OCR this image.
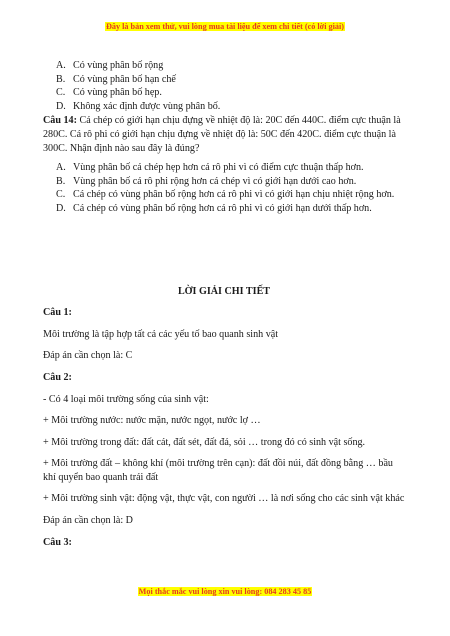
Đây là bản xem thử, vui lòng mua tài liệu để xem chi tiết (có lời giải)
A. Có vùng phân bố rộng
B. Có vùng phân bố hạn chế
C. Có vùng phân bố hẹp.
D. Không xác định được vùng phân bố.

Câu 14: Cá chép có giới hạn chịu đựng về nhiệt độ là: 20C đến 440C. điểm cực thuận là 280C. Cá rô phi có giới hạn chịu đựng về nhiệt độ là: 50C đến 420C. điểm cực thuận là 300C. Nhận định nào sau đây là đúng?

A. Vùng phân bố cá chép hẹp hơn cá rô phi vì có điểm cực thuận thấp hơn.
B. Vùng phân bố cá rô phi rộng hơn cá chép vì có giới hạn dưới cao hơn.
C. Cá chép có vùng phân bố rộng hơn cá rô phi vì có giới hạn chịu nhiệt rộng hơn.
D. Cá chép có vùng phân bố rộng hơn cá rô phi vì có giới hạn dưới thấp hơn.

LỜI GIẢI CHI TIẾT

Câu 1:

Môi trường là tập hợp tất cả các yếu tố bao quanh sinh vật

Đáp án cần chọn là: C

Câu 2:

- Có 4 loại môi trường sống của sinh vật:

+ Môi trường nước: nước mặn, nước ngọt, nước lợ …

+ Môi trường trong đất: đất cát, đất sét, đất đá, sỏi … trong đó có sinh vật sống.

+ Môi trường đất – không khí (môi trường trên cạn): đất đồi núi, đất đồng bằng … bầu khí quyển bao quanh trái đất

+ Môi trường sinh vật: động vật, thực vật, con người … là nơi sống cho các sinh vật khác

Đáp án cần chọn là: D

Câu 3:

Mọi thắc mắc vui lòng xin vui lòng: 084 283 45 85
